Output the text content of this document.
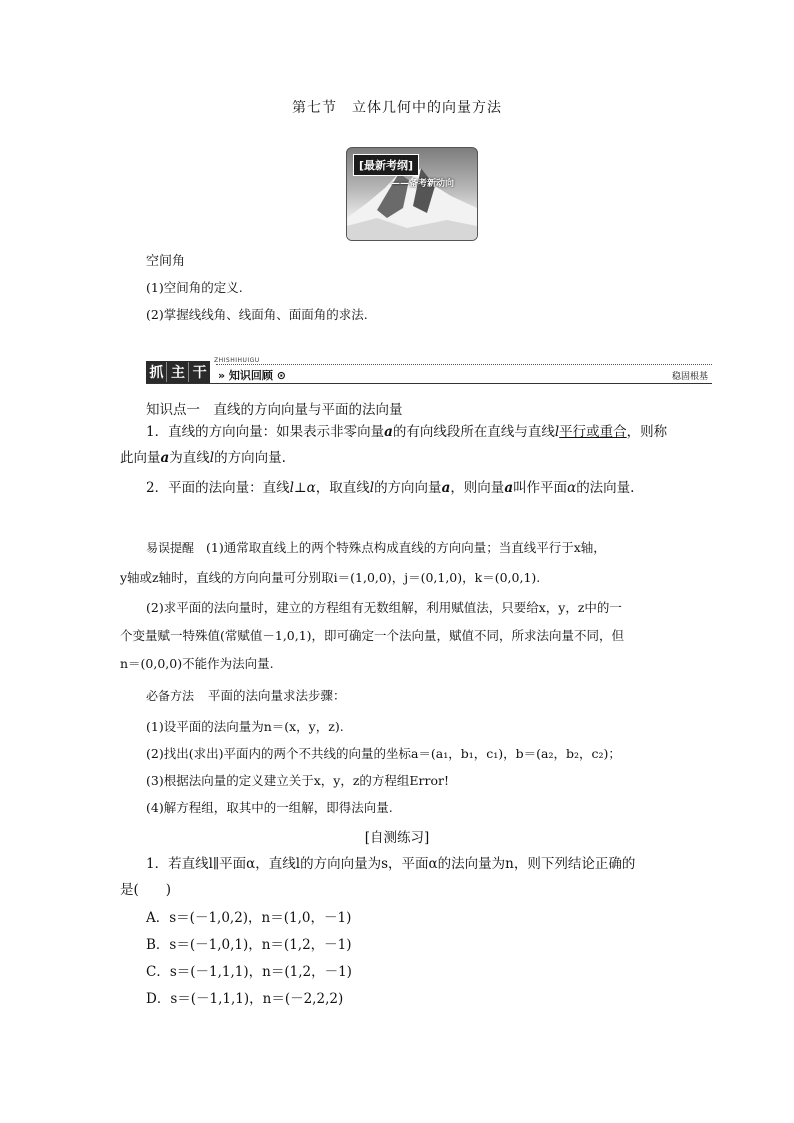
第七节　立体几何中的向量方法
[最新考纲]
——备考新动向
空间角
(1)空间角的定义.
(2)掌握线线角、线面角、面面角的求法.
抓 主 干
ZHISHIHUIGU
» 知识回顾 ⊙	稳固根基
知识点一　直线的方向向量与平面的法向量
1．直线的方向向量：如果表示非零向量a的有向线段所在直线与直线l平行或重合，则称此向量a为直线l的方向向量.
2．平面的法向量：直线l⊥α，取直线l的方向向量a，则向量a叫作平面α的法向量.
易误提醒 (1)通常取直线上的两个特殊点构成直线的方向向量；当直线平行于x轴，
y轴或z轴时，直线的方向向量可分别取i＝(1,0,0)，j＝(0,1,0)，k＝(0,0,1).
(2)求平面的法向量时，建立的方程组有无数组解，利用赋值法，只要给x，y，z中的一
个变量赋一特殊值(常赋值－1,0,1)，即可确定一个法向量，赋值不同，所求法向量不同，但
n＝(0,0,0)不能作为法向量.
必备方法 平面的法向量求法步骤：
(1)设平面的法向量为n＝(x，y，z).
(2)找出(求出)平面内的两个不共线的向量的坐标a＝(a₁，b₁，c₁)，b＝(a₂，b₂，c₂)；
(3)根据法向量的定义建立关于x，y，z的方程组Error!
(4)解方程组，取其中的一组解，即得法向量.
[自测练习]
1．若直线l∥平面α，直线l的方向向量为s，平面α的法向量为n，则下列结论正确的
是(　　)
A．s＝(－1,0,2)，n＝(1,0，－1)
B．s＝(－1,0,1)，n＝(1,2，－1)
C．s＝(－1,1,1)，n＝(1,2，－1)
D．s＝(－1,1,1)，n＝(－2,2,2)
